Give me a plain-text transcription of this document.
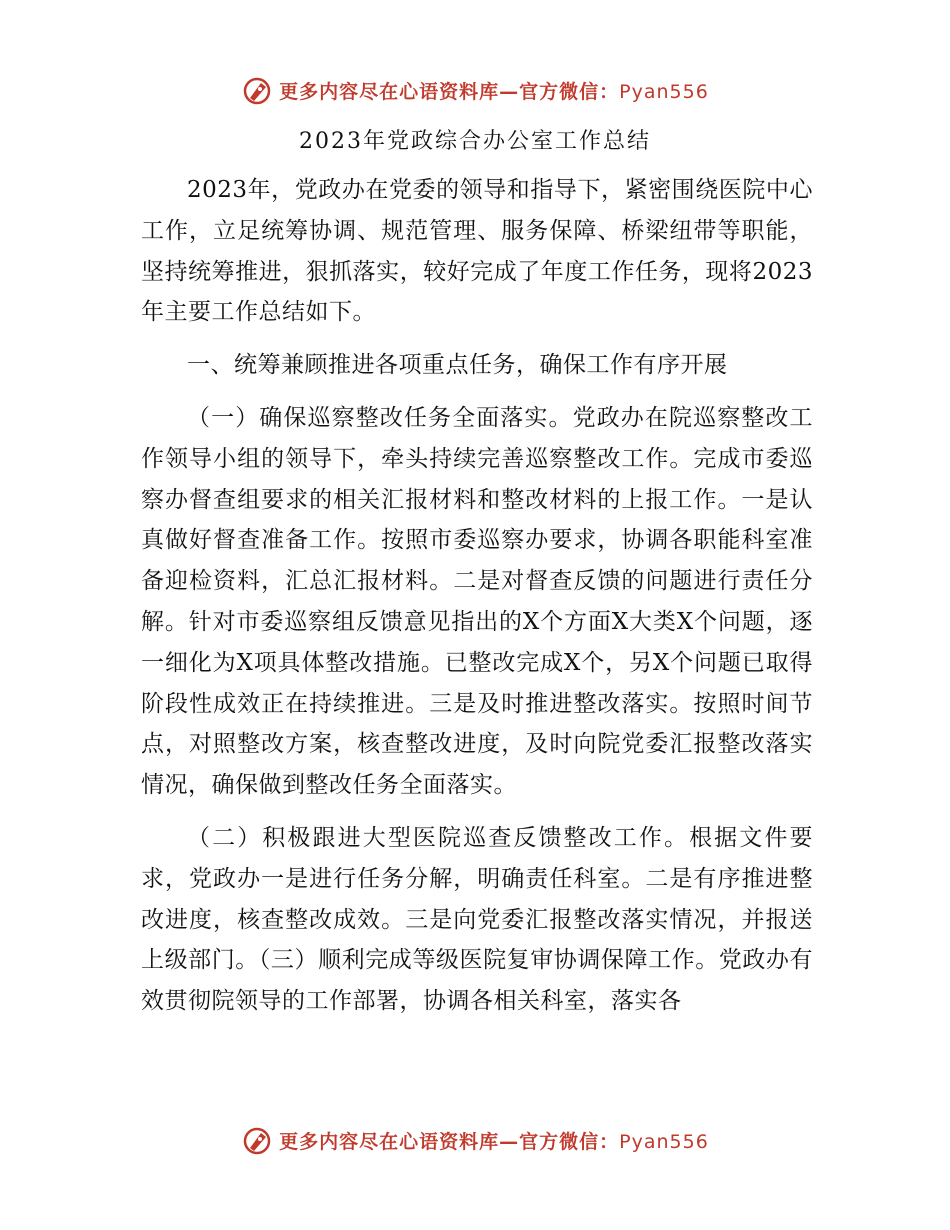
更多内容尽在心语资料库—官方微信：Pyan556
2023年党政综合办公室工作总结

2023年，党政办在党委的领导和指导下，紧密围绕医院中心工作，立足统筹协调、规范管理、服务保障、桥梁纽带等职能，坚持统筹推进，狠抓落实，较好完成了年度工作任务，现将2023年主要工作总结如下。

一、统筹兼顾推进各项重点任务，确保工作有序开展

（一）确保巡察整改任务全面落实。党政办在院巡察整改工作领导小组的领导下，牵头持续完善巡察整改工作。完成市委巡察办督查组要求的相关汇报材料和整改材料的上报工作。一是认真做好督查准备工作。按照市委巡察办要求，协调各职能科室准备迎检资料，汇总汇报材料。二是对督查反馈的问题进行责任分解。针对市委巡察组反馈意见指出的X个方面X大类X个问题，逐一细化为X项具体整改措施。已整改完成X个，另X个问题已取得阶段性成效正在持续推进。三是及时推进整改落实。按照时间节点，对照整改方案，核查整改进度，及时向院党委汇报整改落实情况，确保做到整改任务全面落实。

（二）积极跟进大型医院巡查反馈整改工作。根据文件要求，党政办一是进行任务分解，明确责任科室。二是有序推进整改进度，核查整改成效。三是向党委汇报整改落实情况，并报送上级部门。（三）顺利完成等级医院复审协调保障工作。党政办有效贯彻院领导的工作部署，协调各相关科室，落实各

更多内容尽在心语资料库—官方微信：Pyan556
